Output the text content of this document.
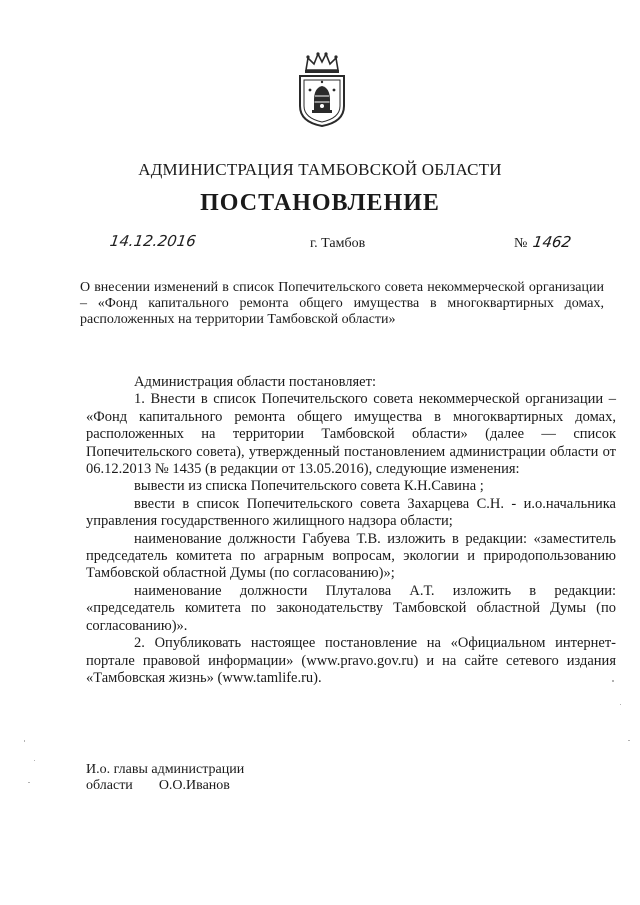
АДМИНИСТРАЦИЯ ТАМБОВСКОЙ ОБЛАСТИ
ПОСТАНОВЛЕНИЕ
14.12.2016	г. Тамбов	№ 1462
О внесении изменений в список Попечительского совета некоммерческой организации – «Фонд капитального ремонта общего имущества в многоквартирных домах, расположенных на территории Тамбовской области»

Администрация области постановляет:

1. Внести в список Попечительского совета некоммерческой организации – «Фонд капитального ремонта общего имущества в многоквартирных домах, расположенных на территории Тамбовской области» (далее — список Попечительского совета), утвержденный постановлением администрации области от 06.12.2013 № 1435 (в редакции от 13.05.2016), следующие изменения:

вывести из списка Попечительского совета К.Н.Савина ;

ввести в список Попечительского совета Захарцева С.Н. - и.о.начальника управления государственного жилищного надзора области;

наименование должности Габуева Т.В. изложить в редакции: «заместитель председатель комитета по аграрным вопросам, экологии и природопользованию Тамбовской областной Думы (по согласованию)»;

наименование должности Плуталова А.Т. изложить в редакции: «председатель комитета по законодательству Тамбовской областной Думы (по согласованию)».

2. Опубликовать настоящее постановление на «Официальном интернет-портале правовой информации» (www.pravo.gov.ru) и на сайте сетевого издания «Тамбовская жизнь» (www.tamlife.ru).

И.о. главы администрации
области О.О.Иванов
